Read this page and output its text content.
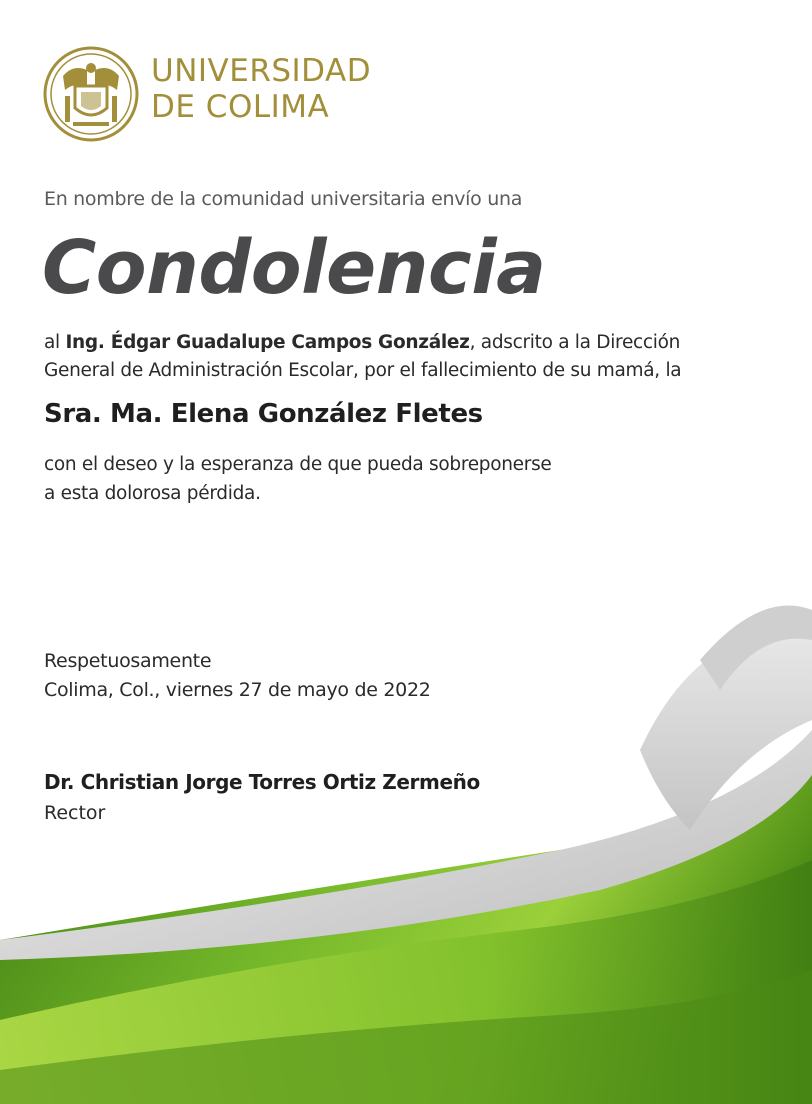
UNIVERSIDAD
DE COLIMA
En nombre de la comunidad universitaria envío una
Condolencia
al Ing. Édgar Guadalupe Campos González, adscrito a la Dirección
General de Administración Escolar, por el fallecimiento de su mamá, la
Sra. Ma. Elena González Fletes
con el deseo y la esperanza de que pueda sobreponerse
a esta dolorosa pérdida.
Respetuosamente
Colima, Col., viernes 27 de mayo de 2022
Dr. Christian Jorge Torres Ortiz Zermeño
Rector
